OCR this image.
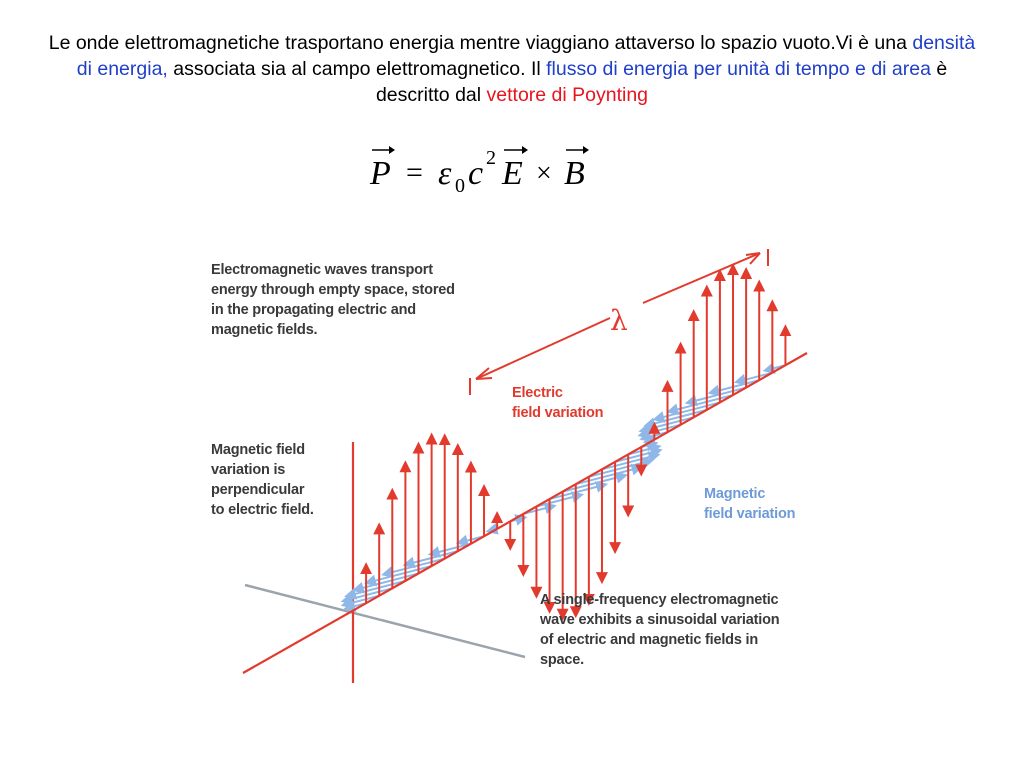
Le onde elettromagnetiche trasportano energia mentre viaggiano attaverso lo spazio vuoto.Vi è una densità di energia, associata sia al campo elettromagnetico. Il flusso di energia per unità di tempo e di area è descritto dal vettore di Poynting
P = ε 0 c 2 E × B
λ

Electromagnetic waves transport

energy through empty space, stored

in the propagating electric and

magnetic fields.

Magnetic field

variation is

perpendicular

to electric field.

Electric

field variation

Magnetic

field variation

A single-frequency electromagnetic

wave exhibits a sinusoidal variation

of electric and magnetic fields in

space.
